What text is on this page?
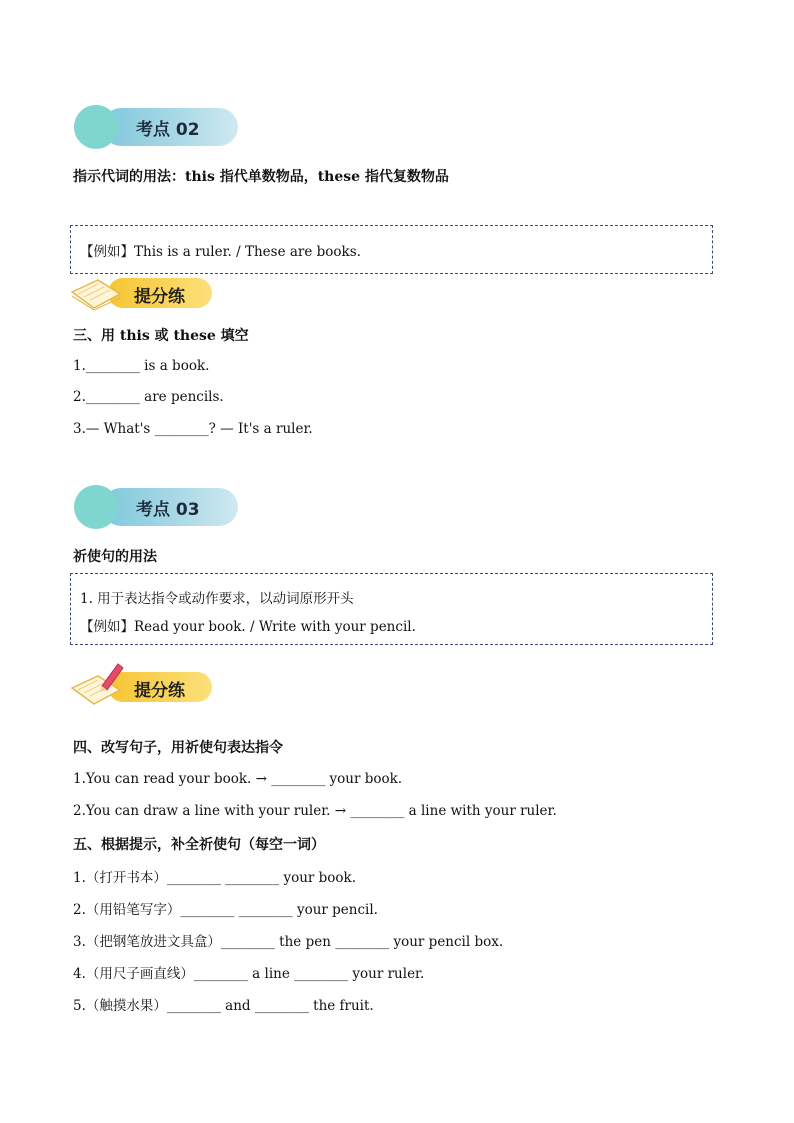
考点 02
指示代词的用法：this 指代单数物品，these 指代复数物品
【例如】This is a ruler. / These are books.
提分练
三、用 this 或 these 填空
1.________ is a book.
2.________ are pencils.
3.— What's ________? — It's a ruler.
考点 03
祈使句的用法
1. 用于表达指令或动作要求，以动词原形开头
【例如】Read your book. / Write with your pencil.
提分练
四、改写句子，用祈使句表达指令
1.You can read your book. → ________ your book.
2.You can draw a line with your ruler. → ________ a line with your ruler.
五、根据提示，补全祈使句（每空一词）
1.（打开书本）________ ________ your book.
2.（用铅笔写字）________ ________ your pencil.
3.（把钢笔放进文具盒）________ the pen ________ your pencil box.
4.（用尺子画直线）________ a line ________ your ruler.
5.（触摸水果）________ and ________ the fruit.
